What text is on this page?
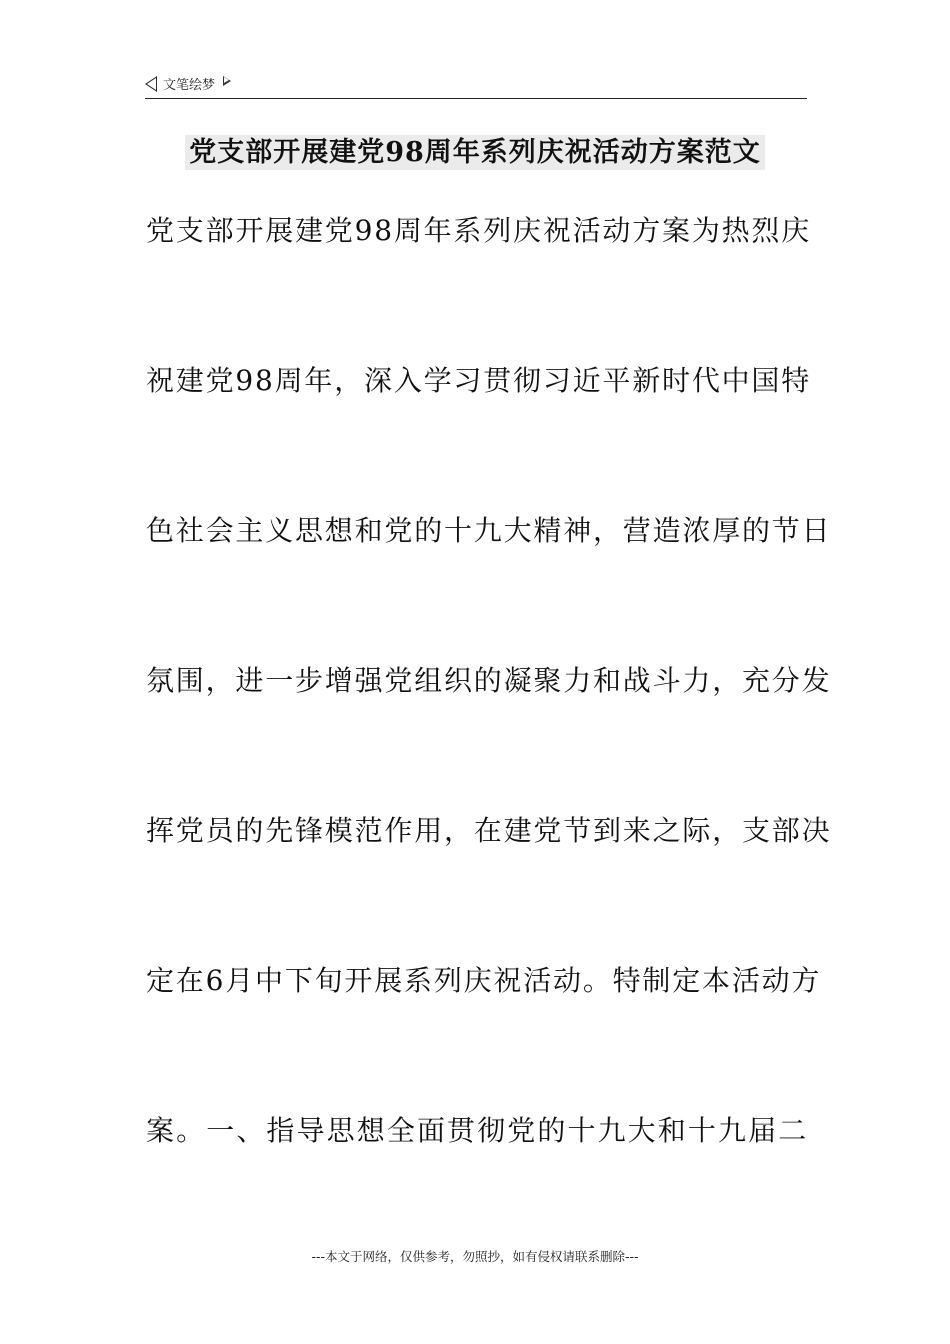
文笔绘梦
党支部开展建党98周年系列庆祝活动方案范文
党支部开展建党98周年系列庆祝活动方案为热烈庆
祝建党98周年，深入学习贯彻习近平新时代中国特
色社会主义思想和党的十九大精神，营造浓厚的节日
氛围，进一步增强党组织的凝聚力和战斗力，充分发
挥党员的先锋模范作用，在建党节到来之际，支部决
定在6月中下旬开展系列庆祝活动。特制定本活动方
案。一、指导思想全面贯彻党的十九大和十九届二
---本文于网络，仅供参考，勿照抄，如有侵权请联系删除---
